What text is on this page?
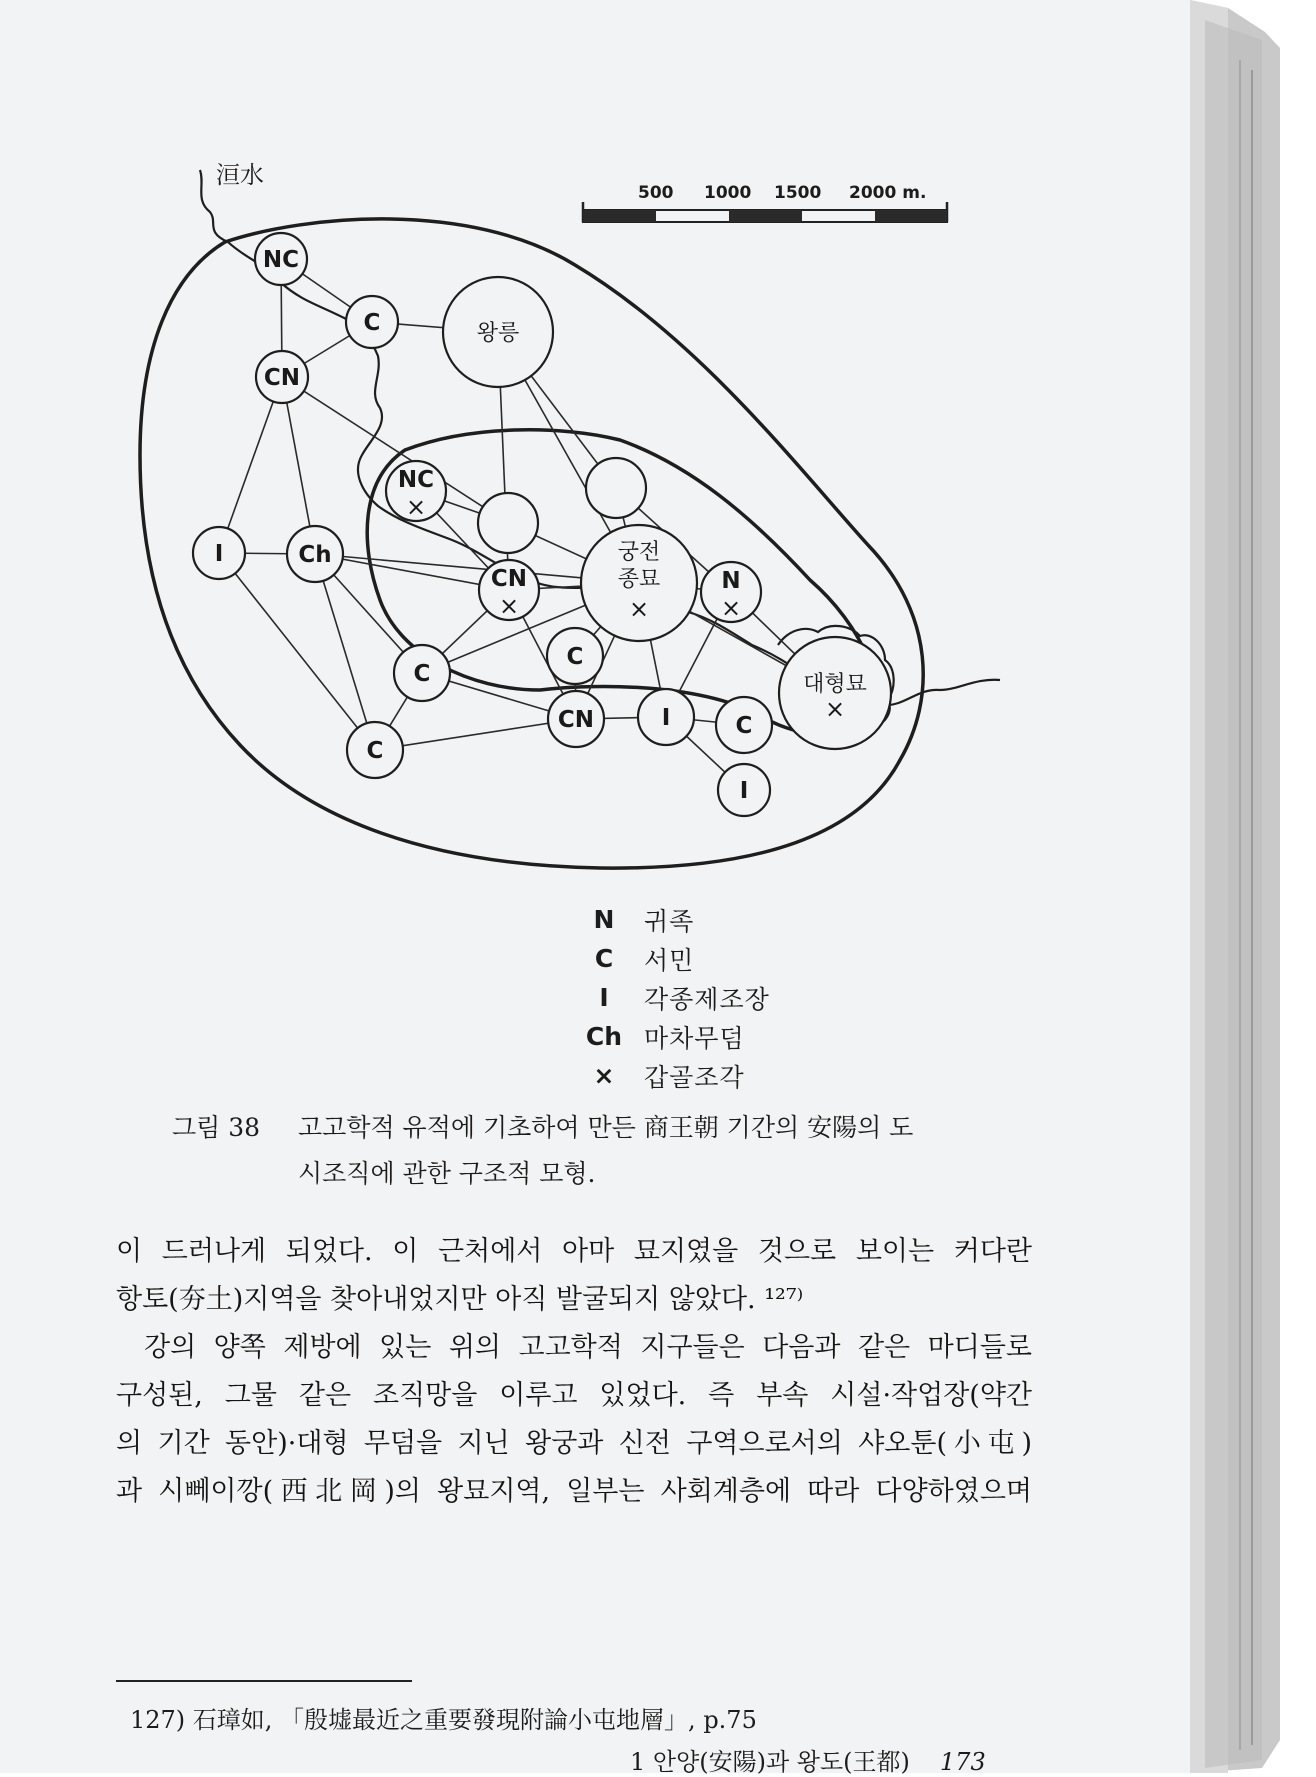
洹水
500 1000 1500 2000 m.
NC
C	왕릉
CN
NC
×
I	Ch
CN
×
궁전
종묘
×
N
×
C
C	대형묘
×
CN	I	C
C
I
N	귀족
C	서민
I	각종제조장
Ch 마차무덤
×	갑골조각
그림 38 고고학적 유적에 기초하여 만든 商王朝 기간의 安陽의 도
시조직에 관한 구조적 모형.

이 드러나게 되었다. 이 근처에서 아마 묘지였을 것으로 보이는 커다란

항토(夯土)지역을 찾아내었지만 아직 발굴되지 않았다. ¹²⁷⁾

강의 양쪽 제방에 있는 위의 고고학적 지구들은 다음과 같은 마디들로

구성된, 그물 같은 조직망을 이루고 있었다. 즉 부속 시설·작업장(약간

의 기간 동안)·대형 무덤을 지닌 왕궁과 신전 구역으로서의 샤오툰(小屯)

과 시뻬이깡(西北岡)의 왕묘지역, 일부는 사회계층에 따라 다양하였으며

127) 石璋如, 「殷墟最近之重要發現附論小屯地層」, p.75
1 안양(安陽)과 왕도(王都) 173
